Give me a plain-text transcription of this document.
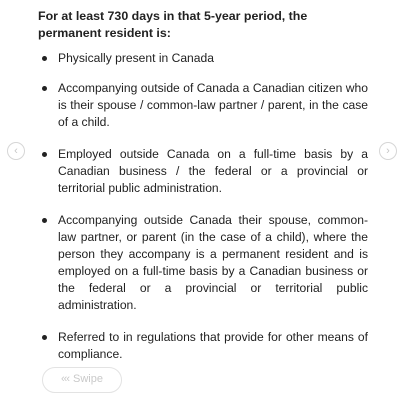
For at least 730 days in that 5-year period, the permanent resident is:
Physically present in Canada
Accompanying outside of Canada a Canadian citizen who is their spouse / common-law partner / parent, in the case of a child.
Employed outside Canada on a full-time basis by a Canadian business / the federal or a provincial or territorial public administration.
Accompanying outside Canada their spouse, common-law partner, or parent (in the case of a child), where the person they accompany is a permanent resident and is employed on a full-time basis by a Canadian business or the federal or a provincial or territorial public administration.
Referred to in regulations that provide for other means of compliance.
‹	›
‹‹‹ Swipe
